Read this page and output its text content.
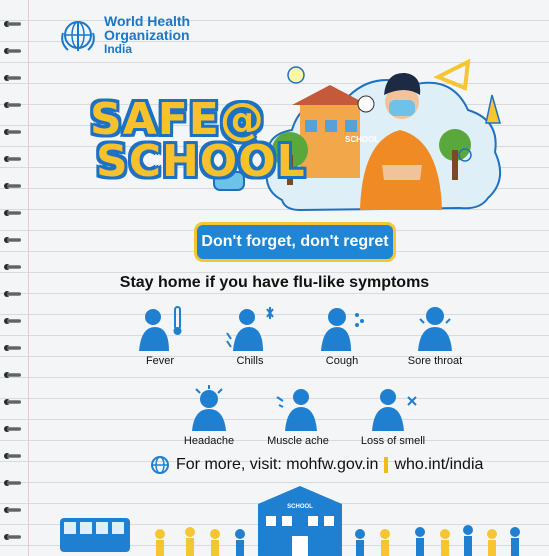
World Health
Organization
India
SCHOOL
SAFE@
SCHOOL
Don't forget, don't regret
Stay home if you have flu-like symptoms
Fever	Chills	Cough	Sore throat
Headache	Muscle ache	Loss of smell
For more, visit:
mohfw.gov.in who.int/india
SCHOOL
